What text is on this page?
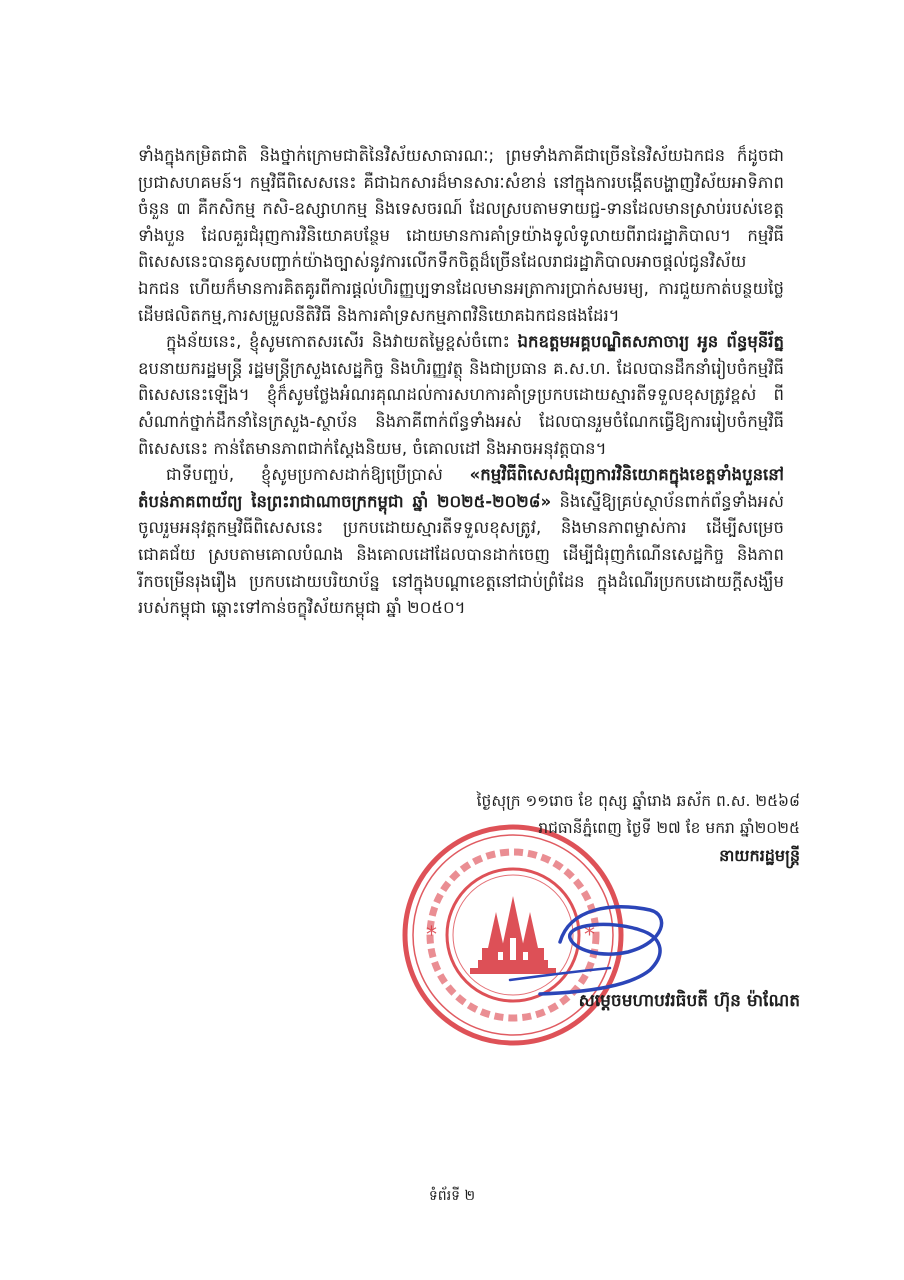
ទាំងក្នុងកម្រិតជាតិ និងថ្នាក់ក្រោមជាតិនៃវិស័យសាធារណៈ; ព្រមទាំងភាគីជាច្រើននៃវិស័យឯកជន ក៏ដូចជាប្រជាសហគមន៍។ កម្មវិធីពិសេសនេះ គឺជាឯកសារដ៏មានសារៈសំខាន់ នៅក្នុងការបង្កើតបង្ហាញវិស័យអាទិភាពចំនួន ៣ គឺកសិកម្ម កសិ-ឧស្សាហកម្ម និងទេសចរណ៍ ដែលស្របតាមទាយជ្ជ-ទានដែលមានស្រាប់របស់ខេត្តទាំងបួន ដែលគួរជំរុញការវិនិយោគបន្ថែម ដោយមានការគាំទ្រយ៉ាងទូលំទូលាយពីរាជរដ្ឋាភិបាល។ កម្មវិធីពិសេសនេះបានគូសបញ្ជាក់យ៉ាងច្បាស់នូវការលើកទឹកចិត្តដ៏ច្រើនដែលរាជរដ្ឋាភិបាលអាចផ្តល់ជូនវិស័យឯកជន ហើយក៏មានការគិតគូរពីការផ្តល់ហិរញ្ញប្បទានដែលមានអត្រាការប្រាក់សមរម្យ, ការជួយកាត់បន្ថយថ្លៃដើមផលិតកម្ម,ការសម្រួលនីតិវិធី និងការគាំទ្រសកម្មភាពវិនិយោគឯកជនផងដែរ។

ក្នុងន័យនេះ, ខ្ញុំសូមកោតសរសើរ និងវាយតម្លៃខ្ពស់ចំពោះ ឯកឧត្តមអគ្គបណ្ឌិតសភាចារ្យ អូន ព័ន្ធមុនីរ័ត្ន ឧបនាយករដ្ឋមន្ត្រី រដ្ឋមន្ត្រីក្រសួងសេដ្ឋកិច្ច និងហិរញ្ញវត្ថុ និងជាប្រធាន គ.ស.ហ. ដែលបានដឹកនាំរៀបចំកម្មវិធីពិសេសនេះឡើង។ ខ្ញុំក៏សូមថ្លែងអំណរគុណដល់ការសហការគាំទ្រប្រកបដោយស្មារតីទទួលខុសត្រូវខ្ពស់ ពីសំណាក់ថ្នាក់ដឹកនាំនៃក្រសួង-ស្ថាប័ន និងភាគីពាក់ព័ន្ធទាំងអស់ ដែលបានរួមចំណែកធ្វើឱ្យការរៀបចំកម្មវិធីពិសេសនេះ កាន់តែមានភាពជាក់ស្តែងនិយម, ចំគោលដៅ និងអាចអនុវត្តបាន។

ជាទីបញ្ចប់, ខ្ញុំសូមប្រកាសដាក់ឱ្យប្រើប្រាស់ «កម្មវិធីពិសេសជំរុញការវិនិយោគក្នុងខេត្តទាំងបួននៅតំបន់ភាគពាយ័ព្យ នៃព្រះរាជាណាចក្រកម្ពុជា ឆ្នាំ ២០២៥-២០២៨» និងស្នើឱ្យគ្រប់ស្ថាប័នពាក់ព័ន្ធទាំងអស់ ចូលរួមអនុវត្តកម្មវិធីពិសេសនេះ ប្រកបដោយស្មារតីទទួលខុសត្រូវ, និងមានភាពម្ចាស់ការ ដើម្បីសម្រេចជោគជ័យ ស្របតាមគោលបំណង និងគោលដៅដែលបានដាក់ចេញ ដើម្បីជំរុញកំណើនសេដ្ឋកិច្ច និងភាពរីកចម្រើនរុងរឿង ប្រកបដោយបរិយាប័ន្ន នៅក្នុងបណ្តាខេត្តនៅជាប់ព្រំដែន ក្នុងដំណើរប្រកបដោយក្តីសង្ឃឹមរបស់កម្ពុជា ឆ្ពោះទៅកាន់ចក្ខុវិស័យកម្ពុជា ឆ្នាំ ២០៥០។

*	*

ថ្ងៃសុក្រ ១១រោច ខែ ពុស្ស ឆ្នាំរោង ឆស័ក ព.ស. ២៥៦៨

រាជធានីភ្នំពេញ ថ្ងៃទី ២៧ ខែ មករា ឆ្នាំ២០២៥

នាយករដ្ឋមន្ត្រី

សម្តេចមហាបវរធិបតី ហ៊ុន ម៉ាណែត
ទំព័រទី ២
